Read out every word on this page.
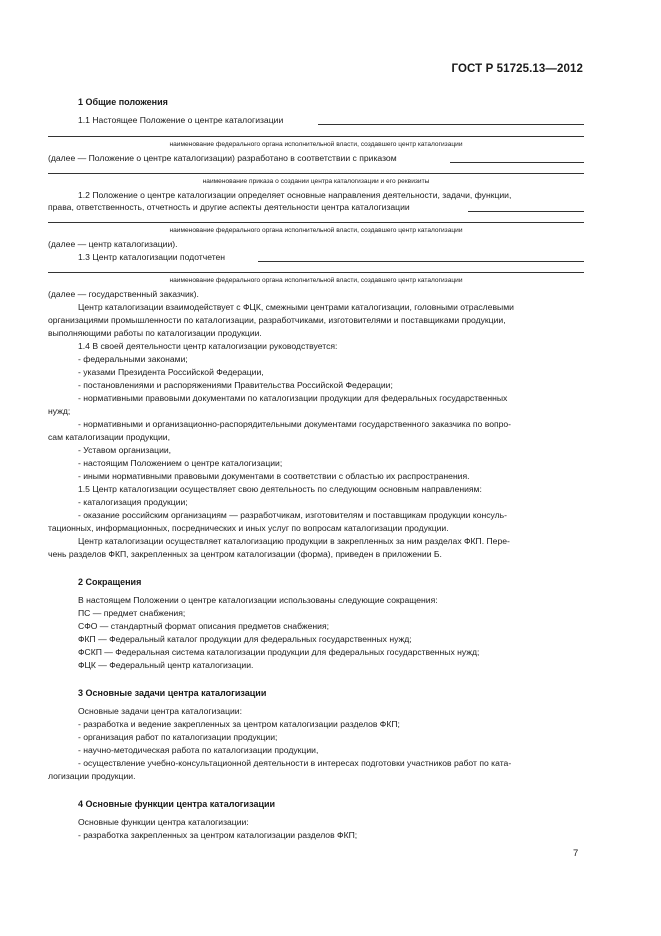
ГОСТ Р 51725.13—2012
1 Общие положения
1.1 Настоящее Положение о центре каталогизации
наименование федерального органа исполнительной власти, создавшего центр каталогизации
(далее — Положение о центре каталогизации) разработано в соответствии с приказом
наименование приказа о создании центра каталогизации и его реквизиты
1.2 Положение о центре каталогизации определяет основные направления деятельности, задачи, функции,
права, ответственность, отчетность и другие аспекты деятельности центра каталогизации
наименование федерального органа исполнительной власти, создавшего центр каталогизации
(далее — центр каталогизации).
1.3 Центр каталогизации подотчетен
наименование федерального органа исполнительной власти, создавшего центр каталогизации
(далее — государственный заказчик).
Центр каталогизации взаимодействует с ФЦК, смежными центрами каталогизации, головными отраслевыми
организациями промышленности по каталогизации, разработчиками, изготовителями и поставщиками продукции,
выполняющими работы по каталогизации продукции.
1.4 В своей деятельности центр каталогизации руководствуется:
- федеральными законами;
- указами Президента Российской Федерации,
- постановлениями и распоряжениями Правительства Российской Федерации;
- нормативными правовыми документами по каталогизации продукции для федеральных государственных
нужд;
- нормативными и организационно-распорядительными документами государственного заказчика по вопро-
сам каталогизации продукции,
- Уставом организации,
- настоящим Положением о центре каталогизации;
- иными нормативными правовыми документами в соответствии с областью их распространения.
1.5 Центр каталогизации осуществляет свою деятельность по следующим основным направлениям:
- каталогизация продукции;
- оказание российским организациям — разработчикам, изготовителям и поставщикам продукции консуль-
тационных, информационных, посреднических и иных услуг по вопросам каталогизации продукции.
Центр каталогизации осуществляет каталогизацию продукции в закрепленных за ним разделах ФКП. Пере-
чень разделов ФКП, закрепленных за центром каталогизации (форма), приведен в приложении Б.
2 Сокращения
В настоящем Положении о центре каталогизации использованы следующие сокращения:
ПС — предмет снабжения;
СФО — стандартный формат описания предметов снабжения;
ФКП — Федеральный каталог продукции для федеральных государственных нужд;
ФСКП — Федеральная система каталогизации продукции для федеральных государственных нужд;
ФЦК — Федеральный центр каталогизации.
3 Основные задачи центра каталогизации
Основные задачи центра каталогизации:
- разработка и ведение закрепленных за центром каталогизации разделов ФКП;
- организация работ по каталогизации продукции;
- научно-методическая работа по каталогизации продукции,
- осуществление учебно-консультационной деятельности в интересах подготовки участников работ по ката-
логизации продукции.
4 Основные функции центра каталогизации
Основные функции центра каталогизации:
- разработка закрепленных за центром каталогизации разделов ФКП;
7
